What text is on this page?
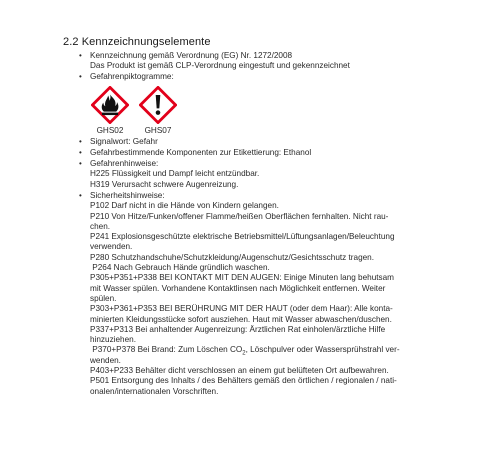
2.2 Kennzeichnungselemente
• Kennzeichnung gemäß Verordnung (EG) Nr. 1272/2008
Das Produkt ist gemäß CLP-Verordnung eingestuft und gekennzeichnet
• Gefahrenpiktogramme:
GHS02	GHS07
• Signalwort: Gefahr
• Gefahrbestimmende Komponenten zur Etikettierung: Ethanol
• Gefahrenhinweise:
H225 Flüssigkeit und Dampf leicht entzündbar.
H319 Verursacht schwere Augenreizung.
• Sicherheitshinweise:
P102 Darf nicht in die Hände von Kindern gelangen.
P210 Von Hitze/Funken/offener Flamme/heißen Oberflächen fernhalten. Nicht rau-
chen.
P241 Explosionsgeschützte elektrische Betriebsmittel/Lüftungsanlagen/Beleuchtung
verwenden.
P280 Schutzhandschuhe/Schutzkleidung/Augenschutz/Gesichtsschutz tragen.
P264 Nach Gebrauch Hände gründlich waschen.
P305+P351+P338 BEI KONTAKT MIT DEN AUGEN: Einige Minuten lang behutsam
mit Wasser spülen. Vorhandene Kontaktlinsen nach Möglichkeit entfernen. Weiter
spülen.
P303+P361+P353 BEI BERÜHRUNG MIT DER HAUT (oder dem Haar): Alle konta-
minierten Kleidungsstücke sofort ausziehen. Haut mit Wasser abwaschen/duschen.
P337+P313 Bei anhaltender Augenreizung: Ärztlichen Rat einholen/ärztliche Hilfe
hinzuziehen.
P370+P378 Bei Brand: Zum Löschen $CO_2$, Löschpulver oder Wassersprühstrahl ver-
wenden.
P403+P233 Behälter dicht verschlossen an einem gut belüfteten Ort aufbewahren.
P501 Entsorgung des Inhalts / des Behälters gemäß den örtlichen / regionalen / nati-
onalen/internationalen Vorschriften.
